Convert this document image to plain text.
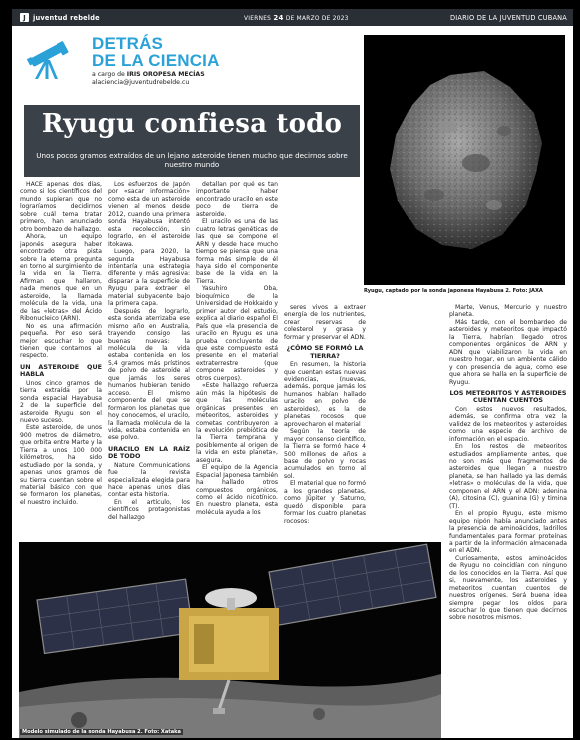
J	juventud rebelde	VIERNES 24 DE MARZO DE 2023	DIARIO DE LA JUVENTUD CUBANA
DETRÁS
DE LA CIENCIA
a cargo de IRIS OROPESA MECÍAS
alaciencia@juventudrebelde.cu
Ryugu, captado por la sonda japonesa Hayabusa 2. Foto: JAXA
Ryugu confiesa todo
Unos pocos gramos extraídos de un lejano asteroide tienen mucho que decirnos sobre nuestro mundo

HACE apenas dos días, como si los científicos del mundo supieran que no lograríamos decidirnos sobre cuál tema tratar primero, han anunciado otro bombazo de hallazgo.

Ahora, un equipo japonés asegura haber encontrado otra pista sobre la eterna pregunta en torno al surgimiento de la vida en la Tierra. Afirman que hallaron, nada menos que en un asteroide, la llamada molécula de la vida, una de las «letras» del Ácido Ribonucleico (ARN).

No es una afirmación pequeña. Por eso será mejor escuchar lo que tienen que contarnos al respecto.

UN ASTEROIDE QUE HABLA

Unos cinco gramos de tierra extraída por la sonda espacial Hayabusa 2 de la superficie del asteroide Ryugu son el nuevo suceso.

Este asteroide, de unos 900 metros de diámetro, que orbita entre Marte y la Tierra a unos 100 000 kilómetros, ha sido estudiado por la sonda, y apenas unos gramos de su tierra cuentan sobre el material básico con que se formaron los planetas, el nuestro incluido.

Los esfuerzos de Japón por «sacar información» como esta de un asteroide vienen al menos desde 2012, cuando una primera sonda Hayabusa intentó esta recolección, sin lograrlo, en el asteroide Itokawa.

Luego, para 2020, la segunda Hayabusa intentaría una estrategia diferente y más agresiva: disparar a la superficie de Ryugu para extraer el material subyacente bajo la primera capa.

Después de lograrlo, esta sonda aterrizaba ese mismo año en Australia, trayendo consigo las buenas nuevas: la molécula de la vida estaba contenida en los 5,4 gramos más prístinos de polvo de asteroide al que jamás los seres humanos hubieran tenido acceso. El mismo componente del que se formaron los planetas que hoy conocemos, el uracilo, la llamada molécula de la vida, estaba contenida en ese polvo.

URACILO EN LA RAÍZ DE TODO

Nature Communications fue la revista especializada elegida para hace apenas unos días contar esta historia.

En el artículo, los científicos protagonistas del hallazgo

detallan por qué es tan importante haber encontrado uracilo en este poco de tierra de asteroide.

El uracilo es una de las cuatro letras genéticas de las que se compone el ARN y desde hace mucho tiempo se piensa que una forma más simple de él haya sido el componente base de la vida en la Tierra.

Yasuhiro Oba, bioquímico de la Universidad de Hokkaido y primer autor del estudio, explica al diario español El País que «la presencia de uracilo en Ryugu es una prueba concluyente de que este compuesto está presente en el material extraterrestre (que compone asteroides y otros cuerpos).

«Este hallazgo refuerza aún más la hipótesis de que las moléculas orgánicas presentes en meteoritos, asteroides y cometas contribuyeron a la evolución prebiótica de la Tierra temprana y posiblemente al origen de la vida en este planeta», asegura.

El equipo de la Agencia Espacial Japonesa también ha hallado otros compuestos orgánicos, como el ácido nicotínico. En nuestro planeta, esta molécula ayuda a los

seres vivos a extraer energía de los nutrientes, crear reservas de colesterol y grasa y formar y preservar el ADN.

¿CÓMO SE FORMÓ LA TIERRA?

En resumen, la historia que cuentan estas nuevas evidencias, (nuevas, además, porque jamás los humanos habían hallado uracilo en polvo de asteroides), es la de planetas rocosos que aprovecharon el material

Según la teoría de mayor consenso científico, la Tierra se formó hace 4 500 millones de años a base de polvo y rocas acumulados en torno al sol.

El material que no formó a los grandes planetas, como Júpiter y Saturno, quedó disponible para formar los cuatro planetas rocosos:

Marte, Venus, Mercurio y nuestro planeta.

Más tarde, con el bombardeo de asteroides y meteoritos que impactó la Tierra, habrían llegado otros componentes orgánicos de ARN y ADN que viabilizaron la vida en nuestro hogar, en un ambiente cálido y con presencia de agua, como ese que ahora se halla en la superficie de Ryugu.

LOS METEORITOS Y ASTEROIDES CUENTAN CUENTOS

Con estos nuevos resultados, además, se confirma otra vez la validez de los meteoritos y asteroides como una especie de archivo de información en el espacio.

En los restos de meteoritos estudiados ampliamente antes, que no son más que fragmentos de asteroides que llegan a nuestro planeta, se han hallado ya las demás «letras» o moléculas de la vida, que componen el ARN y el ADN: adenina (A), citosina (C), guanina (G) y timina (T).

En el propio Ryugu, este mismo equipo nipón había anunciado antes la presencia de aminoácidos, ladrillos fundamentales para formar proteínas a partir de la información almacenada en el ADN.

Curiosamente, estos aminoácidos de Ryugu no coincidían con ninguno de los conocidos en la Tierra. Así que si, nuevamente, los asteroides y meteoritos cuentan cuentos de nuestros orígenes. Será buena idea siempre pegar los oídos para escuchar lo que tienen que decirnos sobre nosotros mismos.

Modelo simulado de la sonda Hayabusa 2. Foto: Xataka
